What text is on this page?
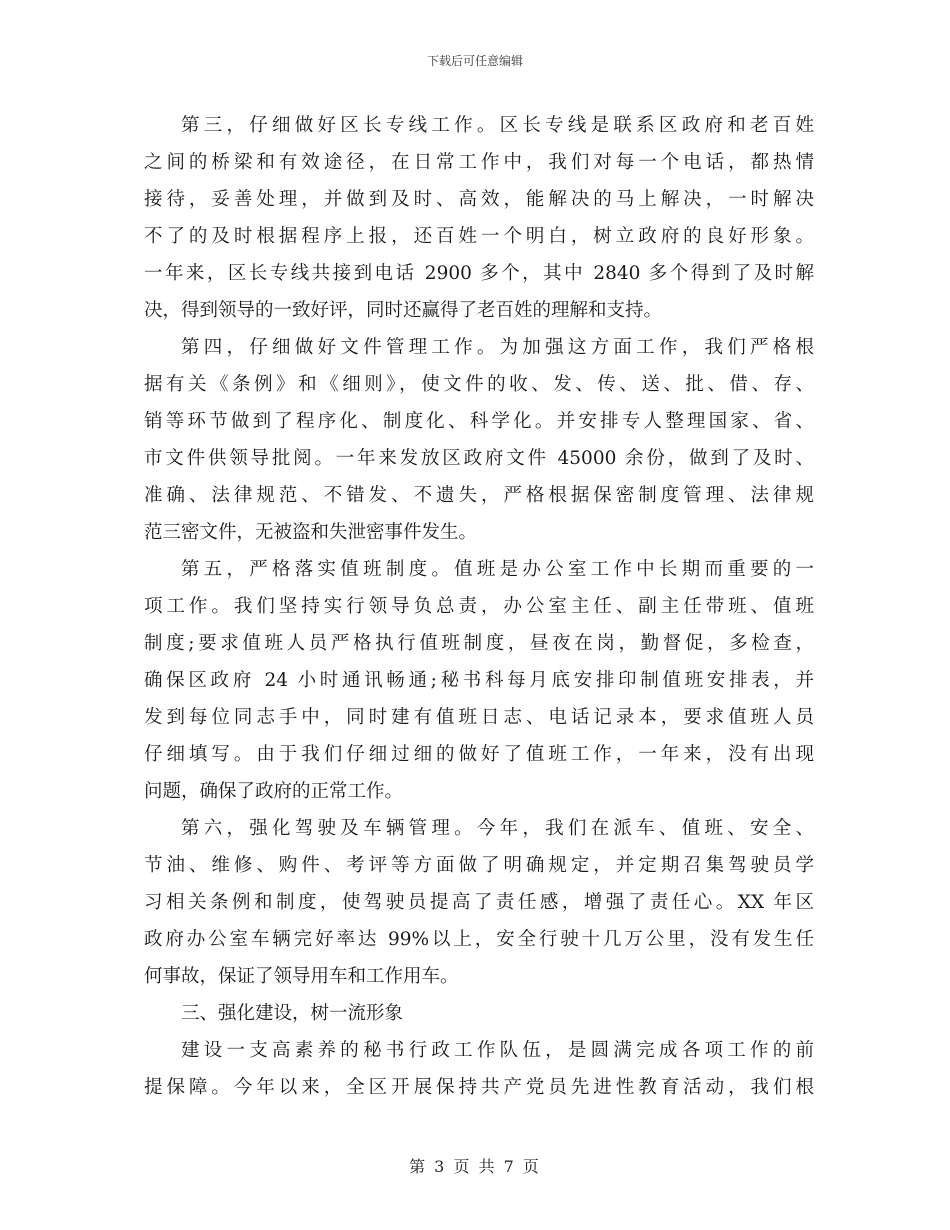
下载后可任意编辑
第三，仔细做好区长专线工作。区长专线是联系区政府和老百姓
之间的桥梁和有效途径，在日常工作中，我们对每一个电话，都热情
接待，妥善处理，并做到及时、高效，能解决的马上解决，一时解决
不了的及时根据程序上报，还百姓一个明白，树立政府的良好形象。
一年来，区长专线共接到电话 2900 多个，其中 2840 多个得到了及时解
决，得到领导的一致好评，同时还赢得了老百姓的理解和支持。
第四，仔细做好文件管理工作。为加强这方面工作，我们严格根
据有关《条例》和《细则》，使文件的收、发、传、送、批、借、存、
销等环节做到了程序化、制度化、科学化。并安排专人整理国家、省、
市文件供领导批阅。一年来发放区政府文件 45000 余份，做到了及时、
准确、法律规范、不错发、不遗失，严格根据保密制度管理、法律规
范三密文件，无被盗和失泄密事件发生。
第五，严格落实值班制度。值班是办公室工作中长期而重要的一
项工作。我们坚持实行领导负总责，办公室主任、副主任带班、值班
制度;要求值班人员严格执行值班制度，昼夜在岗，勤督促，多检查，
确保区政府 24 小时通讯畅通;秘书科每月底安排印制值班安排表，并
发到每位同志手中，同时建有值班日志、电话记录本，要求值班人员
仔细填写。由于我们仔细过细的做好了值班工作，一年来，没有出现
问题，确保了政府的正常工作。
第六，强化驾驶及车辆管理。今年，我们在派车、值班、安全、
节油、维修、购件、考评等方面做了明确规定，并定期召集驾驶员学
习相关条例和制度，使驾驶员提高了责任感，增强了责任心。XX 年区
政府办公室车辆完好率达 99%以上，安全行驶十几万公里，没有发生任
何事故，保证了领导用车和工作用车。
三、强化建设，树一流形象
建设一支高素养的秘书行政工作队伍，是圆满完成各项工作的前
提保障。今年以来，全区开展保持共产党员先进性教育活动，我们根
第 3 页 共 7 页
